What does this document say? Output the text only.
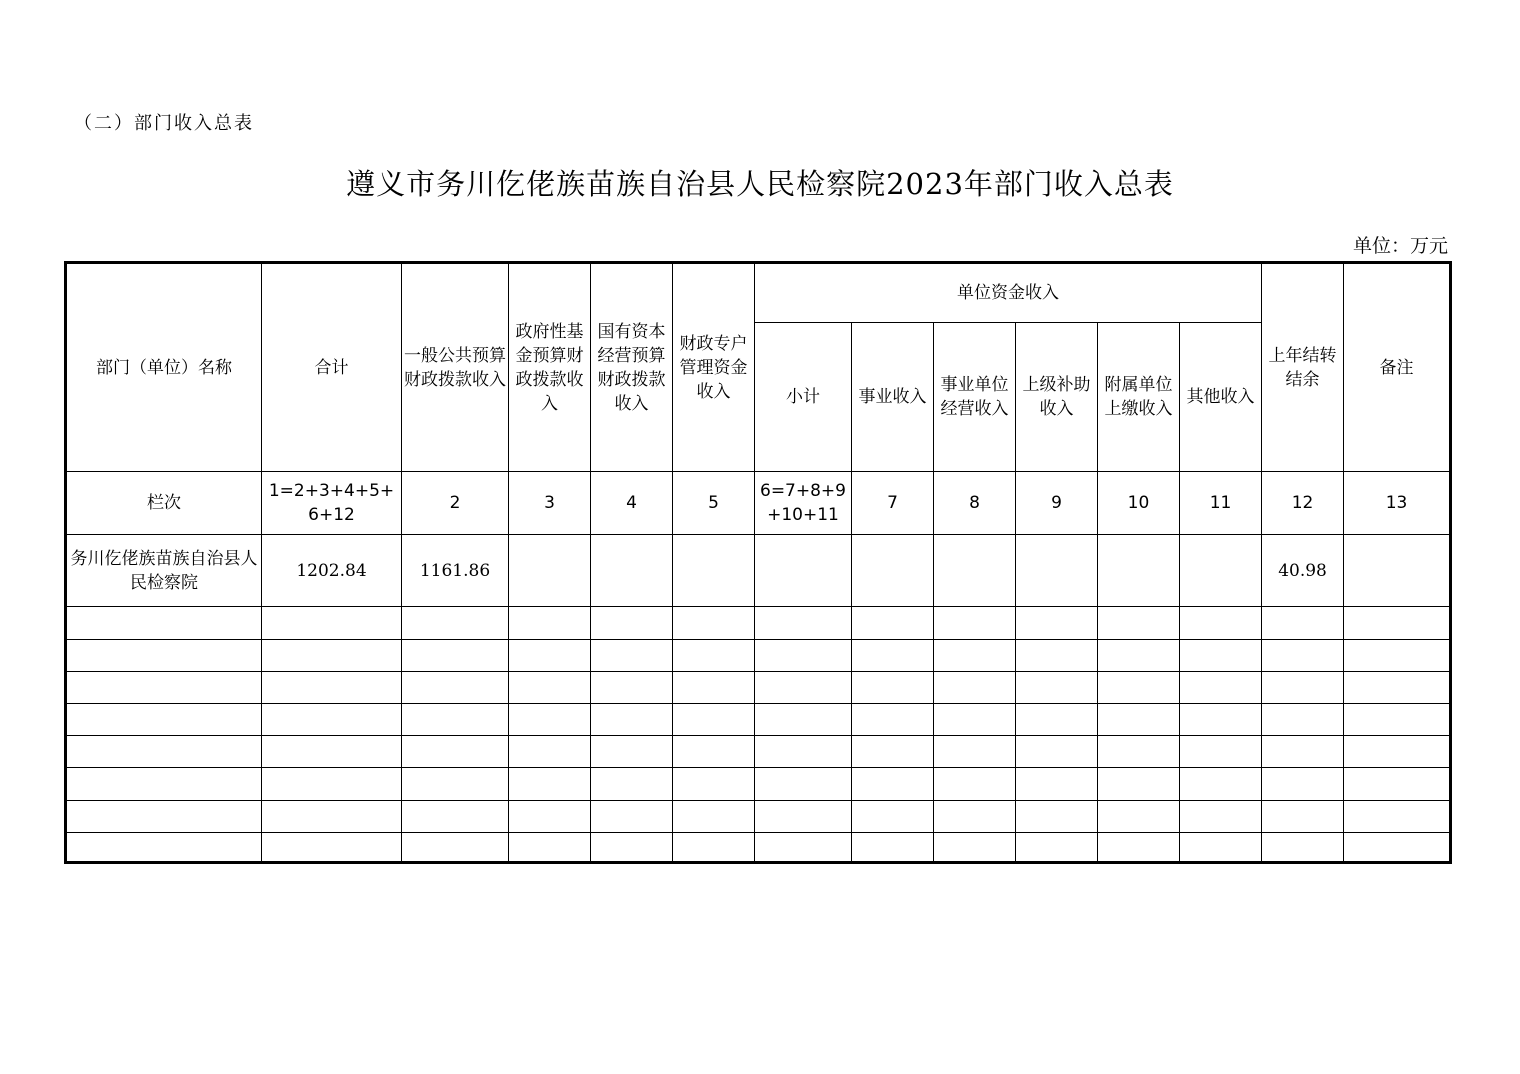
（二）部门收入总表
遵义市务川仡佬族苗族自治县人民检察院2023年部门收入总表
单位：万元
部门（单位）名称	合计	一般公共预算财政拨款收入	政府性基金预算财政拨款收入	国有资本经营预算财政拨款收入	财政专户管理资金收入	单位资金收入						上年结转结余	备注
						小计	事业收入	事业单位经营收入	上级补助收入	附属单位上缴收入	其他收入		
栏次	1=2+3+4+5+6+12	2	3	4	5	6=7+8+9+10+11	7	8	9	10	11	12	13
务川仡佬族苗族自治县人民检察院	1202.84	1161.86										40.98	
